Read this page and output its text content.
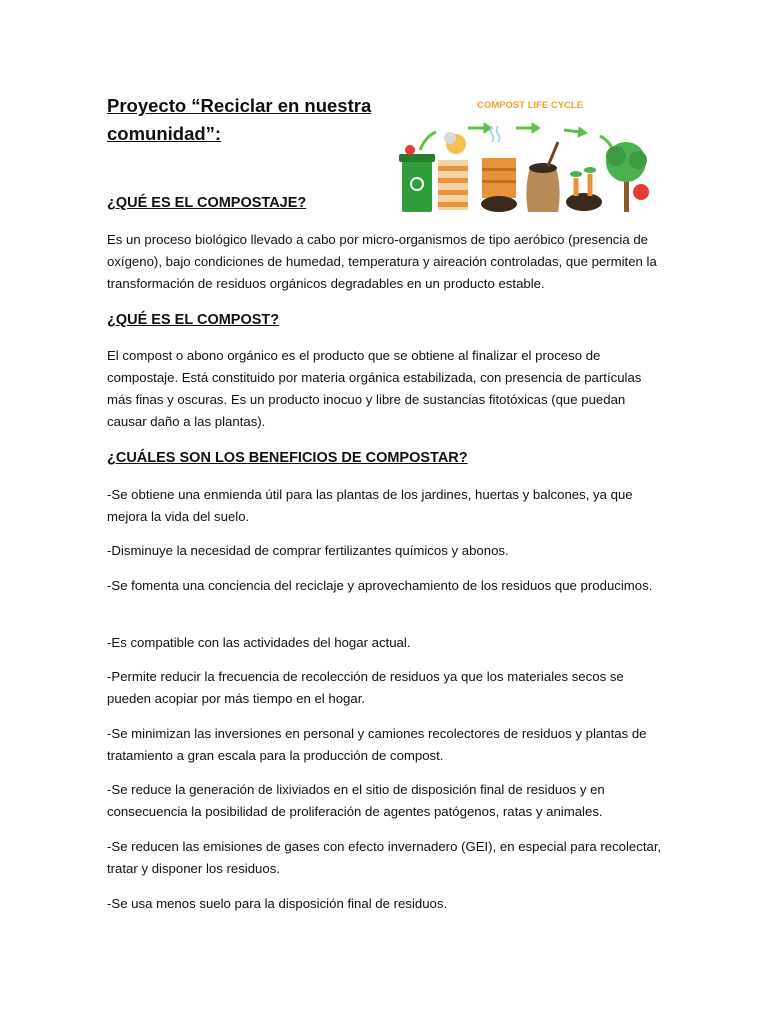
Proyecto “Reciclar en nuestra comunidad”:
COMPOST LIFE CYCLE
¿QUÉ ES EL COMPOSTAJE?

Es un proceso biológico llevado a cabo por micro-organismos de tipo aeróbico (presencia de oxígeno), bajo condiciones de humedad, temperatura y aireación controladas, que permiten la transformación de residuos orgánicos degradables en un producto estable.

¿QUÉ ES EL COMPOST?

El compost o abono orgánico es el producto que se obtiene al finalizar el proceso de compostaje. Está constituido por materia orgánica estabilizada, con presencia de partículas más finas y oscuras. Es un producto inocuo y libre de sustancias fitotóxicas (que puedan causar daño a las plantas).

¿CUÁLES SON LOS BENEFICIOS DE COMPOSTAR?

-Se obtiene una enmienda útil para las plantas de los jardines, huertas y balcones, ya que mejora la vida del suelo.

-Disminuye la necesidad de comprar fertilizantes químicos y abonos.

-Se fomenta una conciencia del reciclaje y aprovechamiento de los residuos que producimos.

-Es compatible con las actividades del hogar actual.

-Permite reducir la frecuencia de recolección de residuos ya que los materiales secos se pueden acopiar por más tiempo en el hogar.

-Se minimizan las inversiones en personal y camiones recolectores de residuos y plantas de tratamiento a gran escala para la producción de compost.

-Se reduce la generación de lixiviados en el sitio de disposición final de residuos y en consecuencia la posibilidad de proliferación de agentes patógenos, ratas y animales.

-Se reducen las emisiones de gases con efecto invernadero (GEI), en especial para recolectar, tratar y disponer los residuos.

-Se usa menos suelo para la disposición final de residuos.
